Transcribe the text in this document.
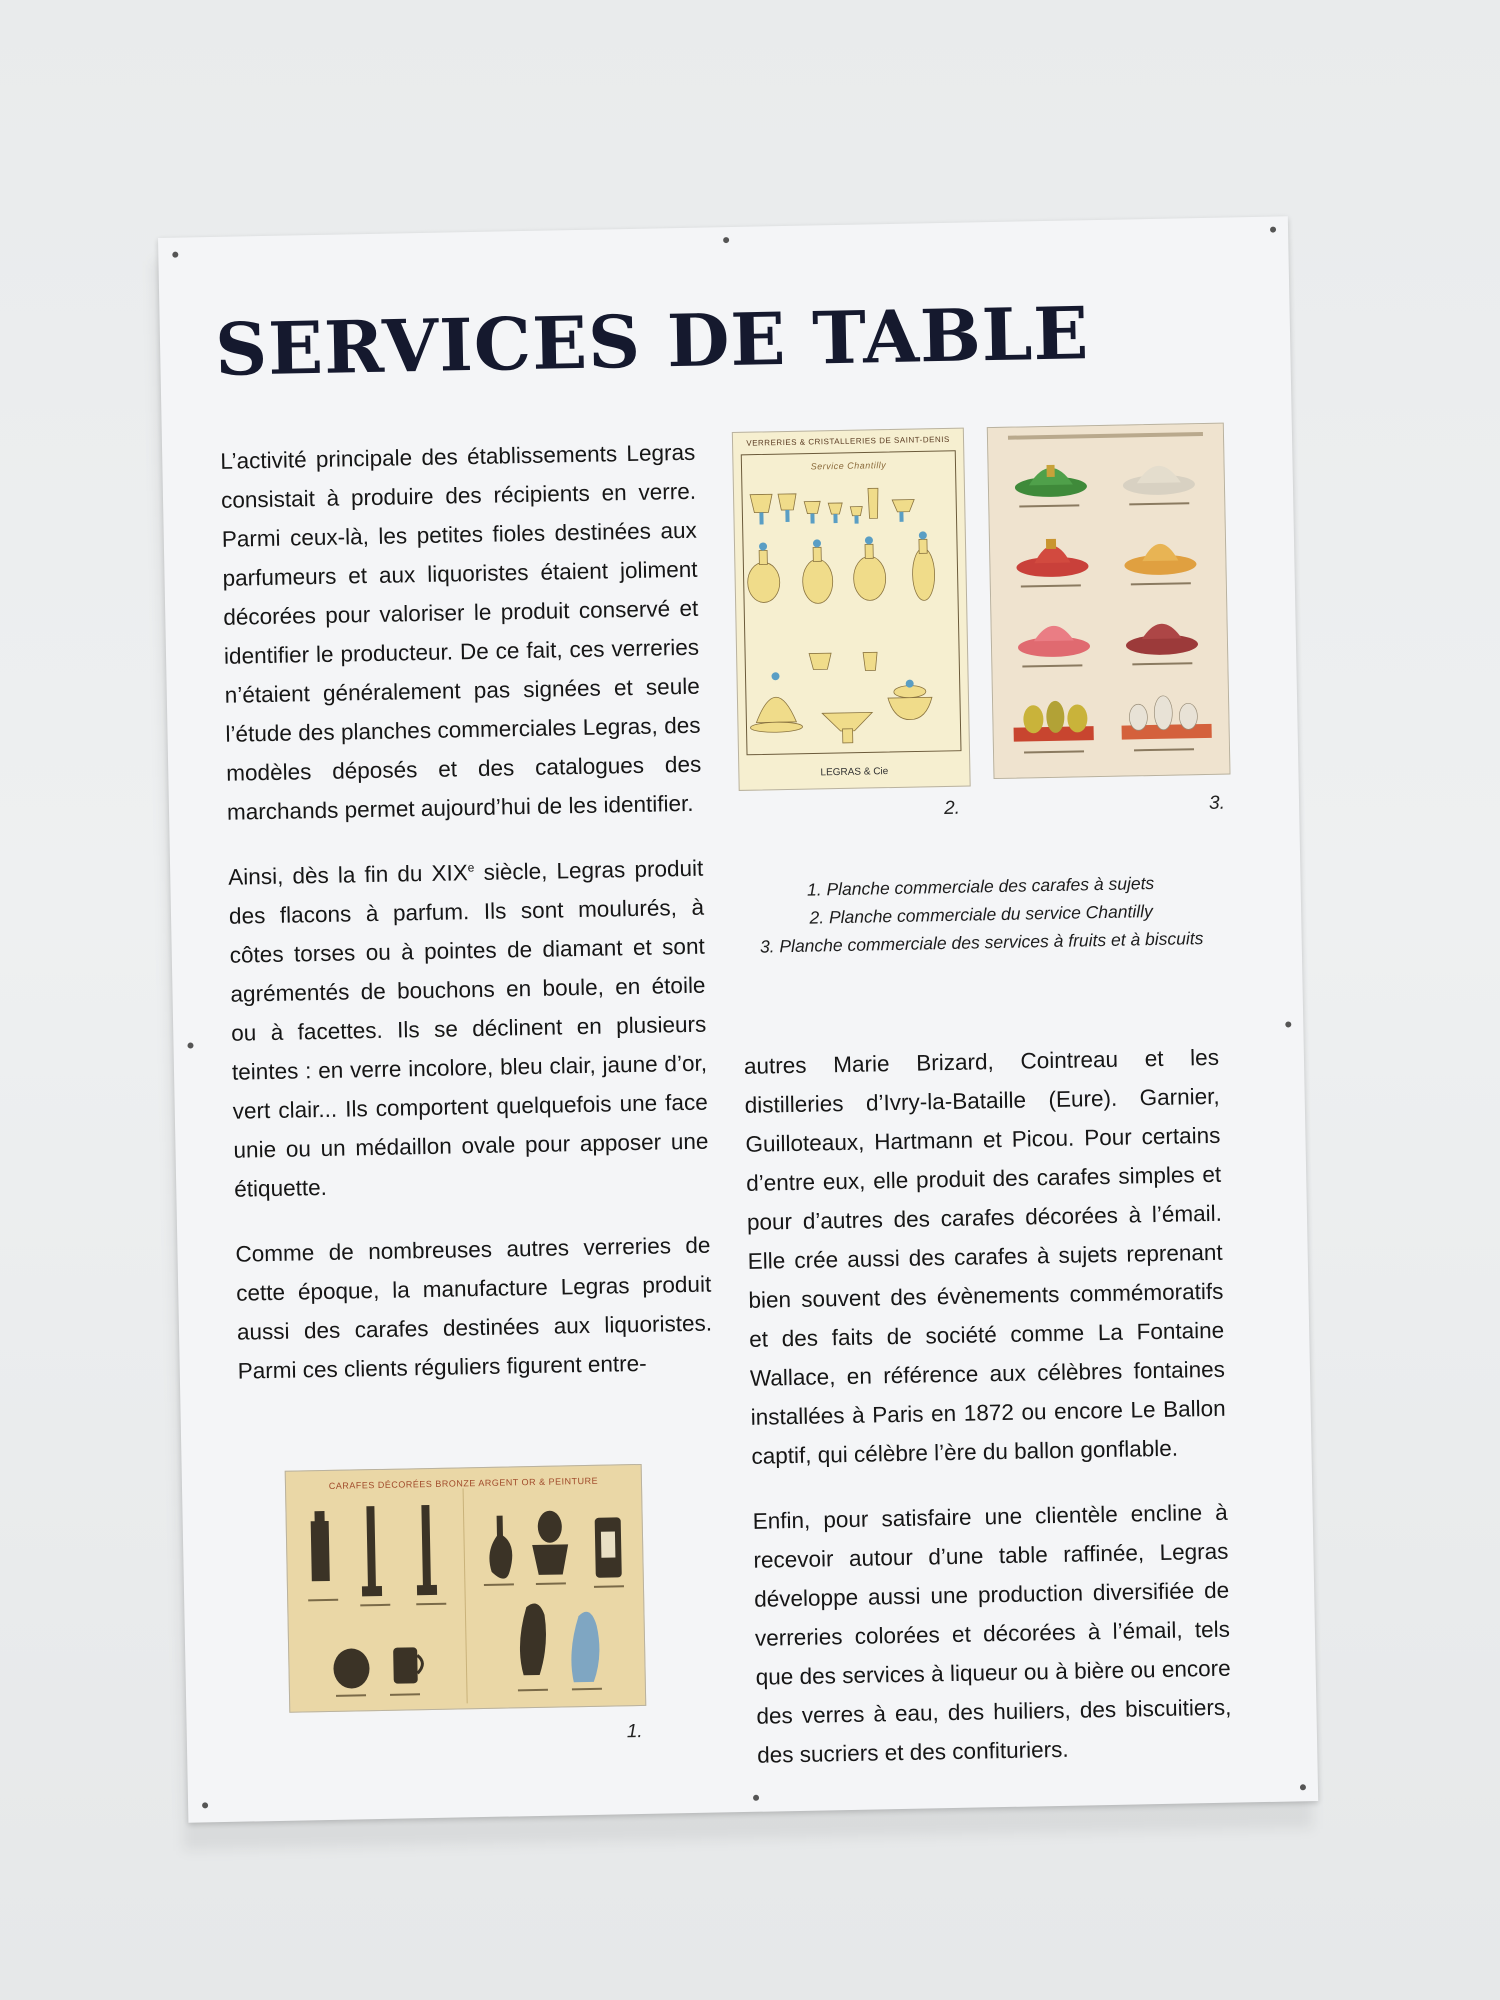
SERVICES DE TABLE

L’activité principale des établissements Legras consistait à produire des récipients en verre. Parmi ceux-là, les petites fioles destinées aux parfumeurs et aux liquoristes étaient joliment décorées pour valoriser le produit conservé et identifier le producteur. De ce fait, ces verreries n’étaient généralement pas signées et seule l’étude des planches commerciales Legras, des modèles déposés et des catalogues des marchands permet aujourd’hui de les identifier.

Ainsi, dès la fin du XIXe siècle, Legras produit des flacons à parfum. Ils sont moulurés, à côtes torses ou à pointes de diamant et sont agrémentés de bouchons en boule, en étoile ou à facettes. Ils se déclinent en plusieurs teintes : en verre incolore, bleu clair, jaune d’or, vert clair... Ils comportent quelquefois une face unie ou un médaillon ovale pour apposer une étiquette.

Comme de nombreuses autres verreries de cette époque, la manufacture Legras produit aussi des carafes destinées aux liquoristes. Parmi ces clients réguliers figurent entre-

VERRERIES & CRISTALLERIES DE SAINT-DENIS
Service Chantilly
LEGRAS & Cie
2.	3.
1. Planche commerciale des carafes à sujets
2. Planche commerciale du service Chantilly
3. Planche commerciale des services à fruits et à biscuits

autres Marie Brizard, Cointreau et les distilleries d’Ivry-la-Bataille (Eure). Garnier, Guilloteaux, Hartmann et Picou. Pour certains d’entre eux, elle produit des carafes simples et pour d’autres des carafes décorées à l’émail. Elle crée aussi des carafes à sujets reprenant bien souvent des évènements commémoratifs et des faits de société comme La Fontaine Wallace, en référence aux célèbres fontaines installées à Paris en 1872 ou encore Le Ballon captif, qui célèbre l’ère du ballon gonflable.

Enfin, pour satisfaire une clientèle encline à recevoir autour d’une table raffinée, Legras développe aussi une production diversifiée de verreries colorées et décorées à l’émail, tels que des services à liqueur ou à bière ou encore des verres à eau, des huiliers, des biscuitiers, des sucriers et des confituriers.

CARAFES DÉCORÉES BRONZE ARGENT OR & PEINTURE
1.
